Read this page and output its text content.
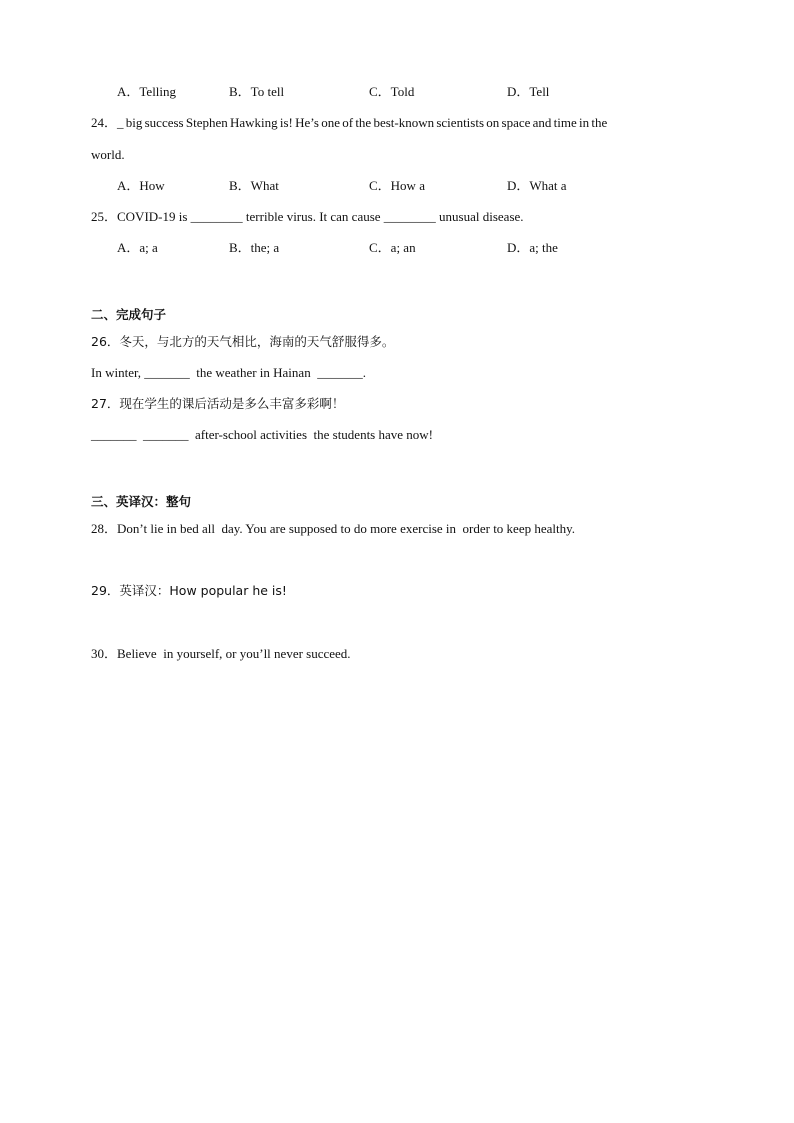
A．Telling	B．To tell	C．Told	D．Tell
24．_ big success Stephen Hawking is! He’s one of the best-known scientists on space and time in the
world.
A．How	B．What	C．How a	D．What a
25．COVID-19 is ________ terrible virus. It can cause ________ unusual disease.
A．a; a	B．the; a	C．a; an	D．a; the
二、完成句子
26．冬天，与北方的天气相比，海南的天气舒服得多。
In winter, _______  the weather in Hainan  _______.
27．现在学生的课后活动是多么丰富多彩啊！
_______  _______  after-school activities  the students have now!
三、英译汉：整句
28．Don’t lie in bed all  day. You are supposed to do more exercise in  order to keep healthy.
29．英译汉：How popular he is!
30．Believe  in yourself, or you’ll never succeed.
